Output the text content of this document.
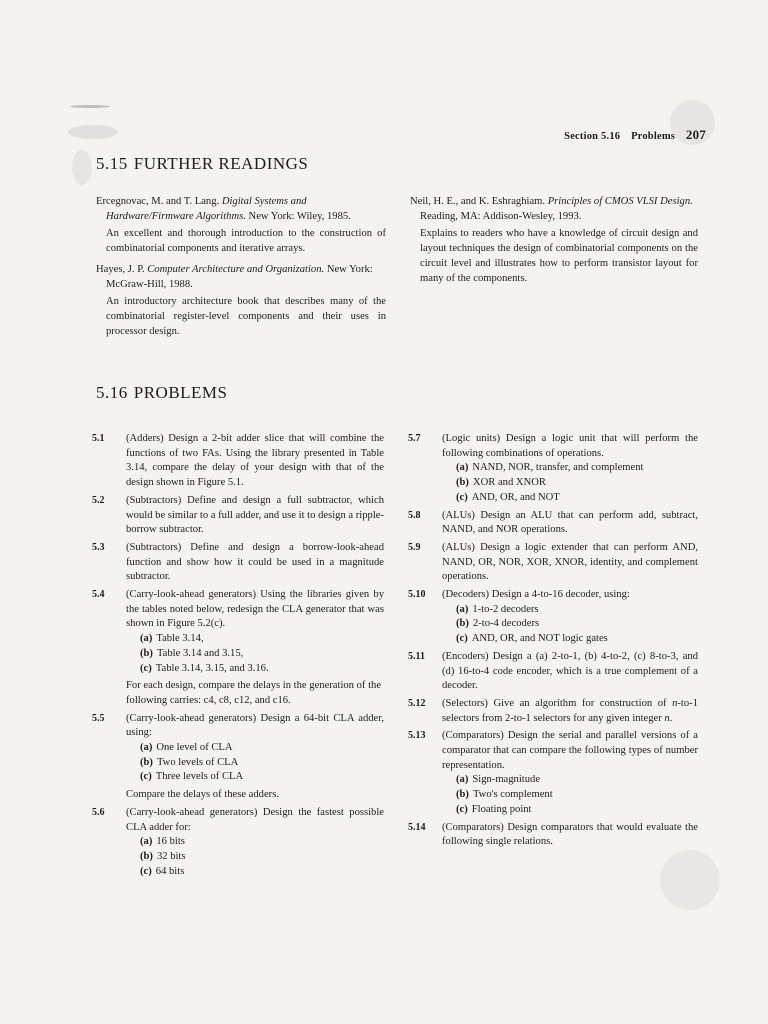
Section 5.16 Problems 207
5.15 FURTHER READINGS
Ercegnovac, M. and T. Lang. Digital Systems and Hardware/Firmware Algorithms. New York: Wiley, 1985.
An excellent and thorough introduction to the construction of combinatorial components and iterative arrays.
Hayes, J. P. Computer Architecture and Organization. New York: McGraw-Hill, 1988.
An introductory architecture book that describes many of the combinatorial register-level components and their uses in processor design.
Neil, H. E., and K. Eshraghiam. Principles of CMOS VLSI Design. Reading, MA: Addison-Wesley, 1993.
Explains to readers who have a knowledge of circuit design and layout techniques the design of combinatorial components on the circuit level and illustrates how to perform transistor layout for many of the components.
5.16 PROBLEMS
5.1 (Adders) Design a 2-bit adder slice that will combine the functions of two FAs. Using the library presented in Table 3.14, compare the delay of your design with that of the design shown in Figure 5.1.
5.2 (Subtractors) Define and design a full subtractor, which would be similar to a full adder, and use it to design a ripple-borrow subtractor.
5.3 (Subtractors) Define and design a borrow-look-ahead function and show how it could be used in a magnitude subtractor.
5.4 (Carry-look-ahead generators) Using the libraries given by the tables noted below, redesign the CLA generator that was shown in Figure 5.2(c).
(a) Table 3.14,
(b) Table 3.14 and 3.15,
(c) Table 3.14, 3.15, and 3.16.
For each design, compare the delays in the generation of the following carries: c4, c8, c12, and c16.
5.5 (Carry-look-ahead generators) Design a 64-bit CLA adder, using:
(a) One level of CLA
(b) Two levels of CLA
(c) Three levels of CLA
Compare the delays of these adders.
5.6 (Carry-look-ahead generators) Design the fastest possible CLA adder for:
(a) 16 bits
(b) 32 bits
(c) 64 bits
5.7 (Logic units) Design a logic unit that will perform the following combinations of operations.
(a) NAND, NOR, transfer, and complement
(b) XOR and XNOR
(c) AND, OR, and NOT
5.8 (ALUs) Design an ALU that can perform add, subtract, NAND, and NOR operations.
5.9 (ALUs) Design a logic extender that can perform AND, NAND, OR, NOR, XOR, XNOR, identity, and complement operations.
5.10 (Decoders) Design a 4-to-16 decoder, using:
(a) 1-to-2 decoders
(b) 2-to-4 decoders
(c) AND, OR, and NOT logic gates
5.11 (Encoders) Design a (a) 2-to-1, (b) 4-to-2, (c) 8-to-3, and (d) 16-to-4 code encoder, which is a true complement of a decoder.
5.12 (Selectors) Give an algorithm for construction of n-to-1 selectors from 2-to-1 selectors for any given integer n.
5.13 (Comparators) Design the serial and parallel versions of a comparator that can compare the following types of number representation.
(a) Sign-magnitude
(b) Two's complement
(c) Floating point
5.14 (Comparators) Design comparators that would evaluate the following single relations.
